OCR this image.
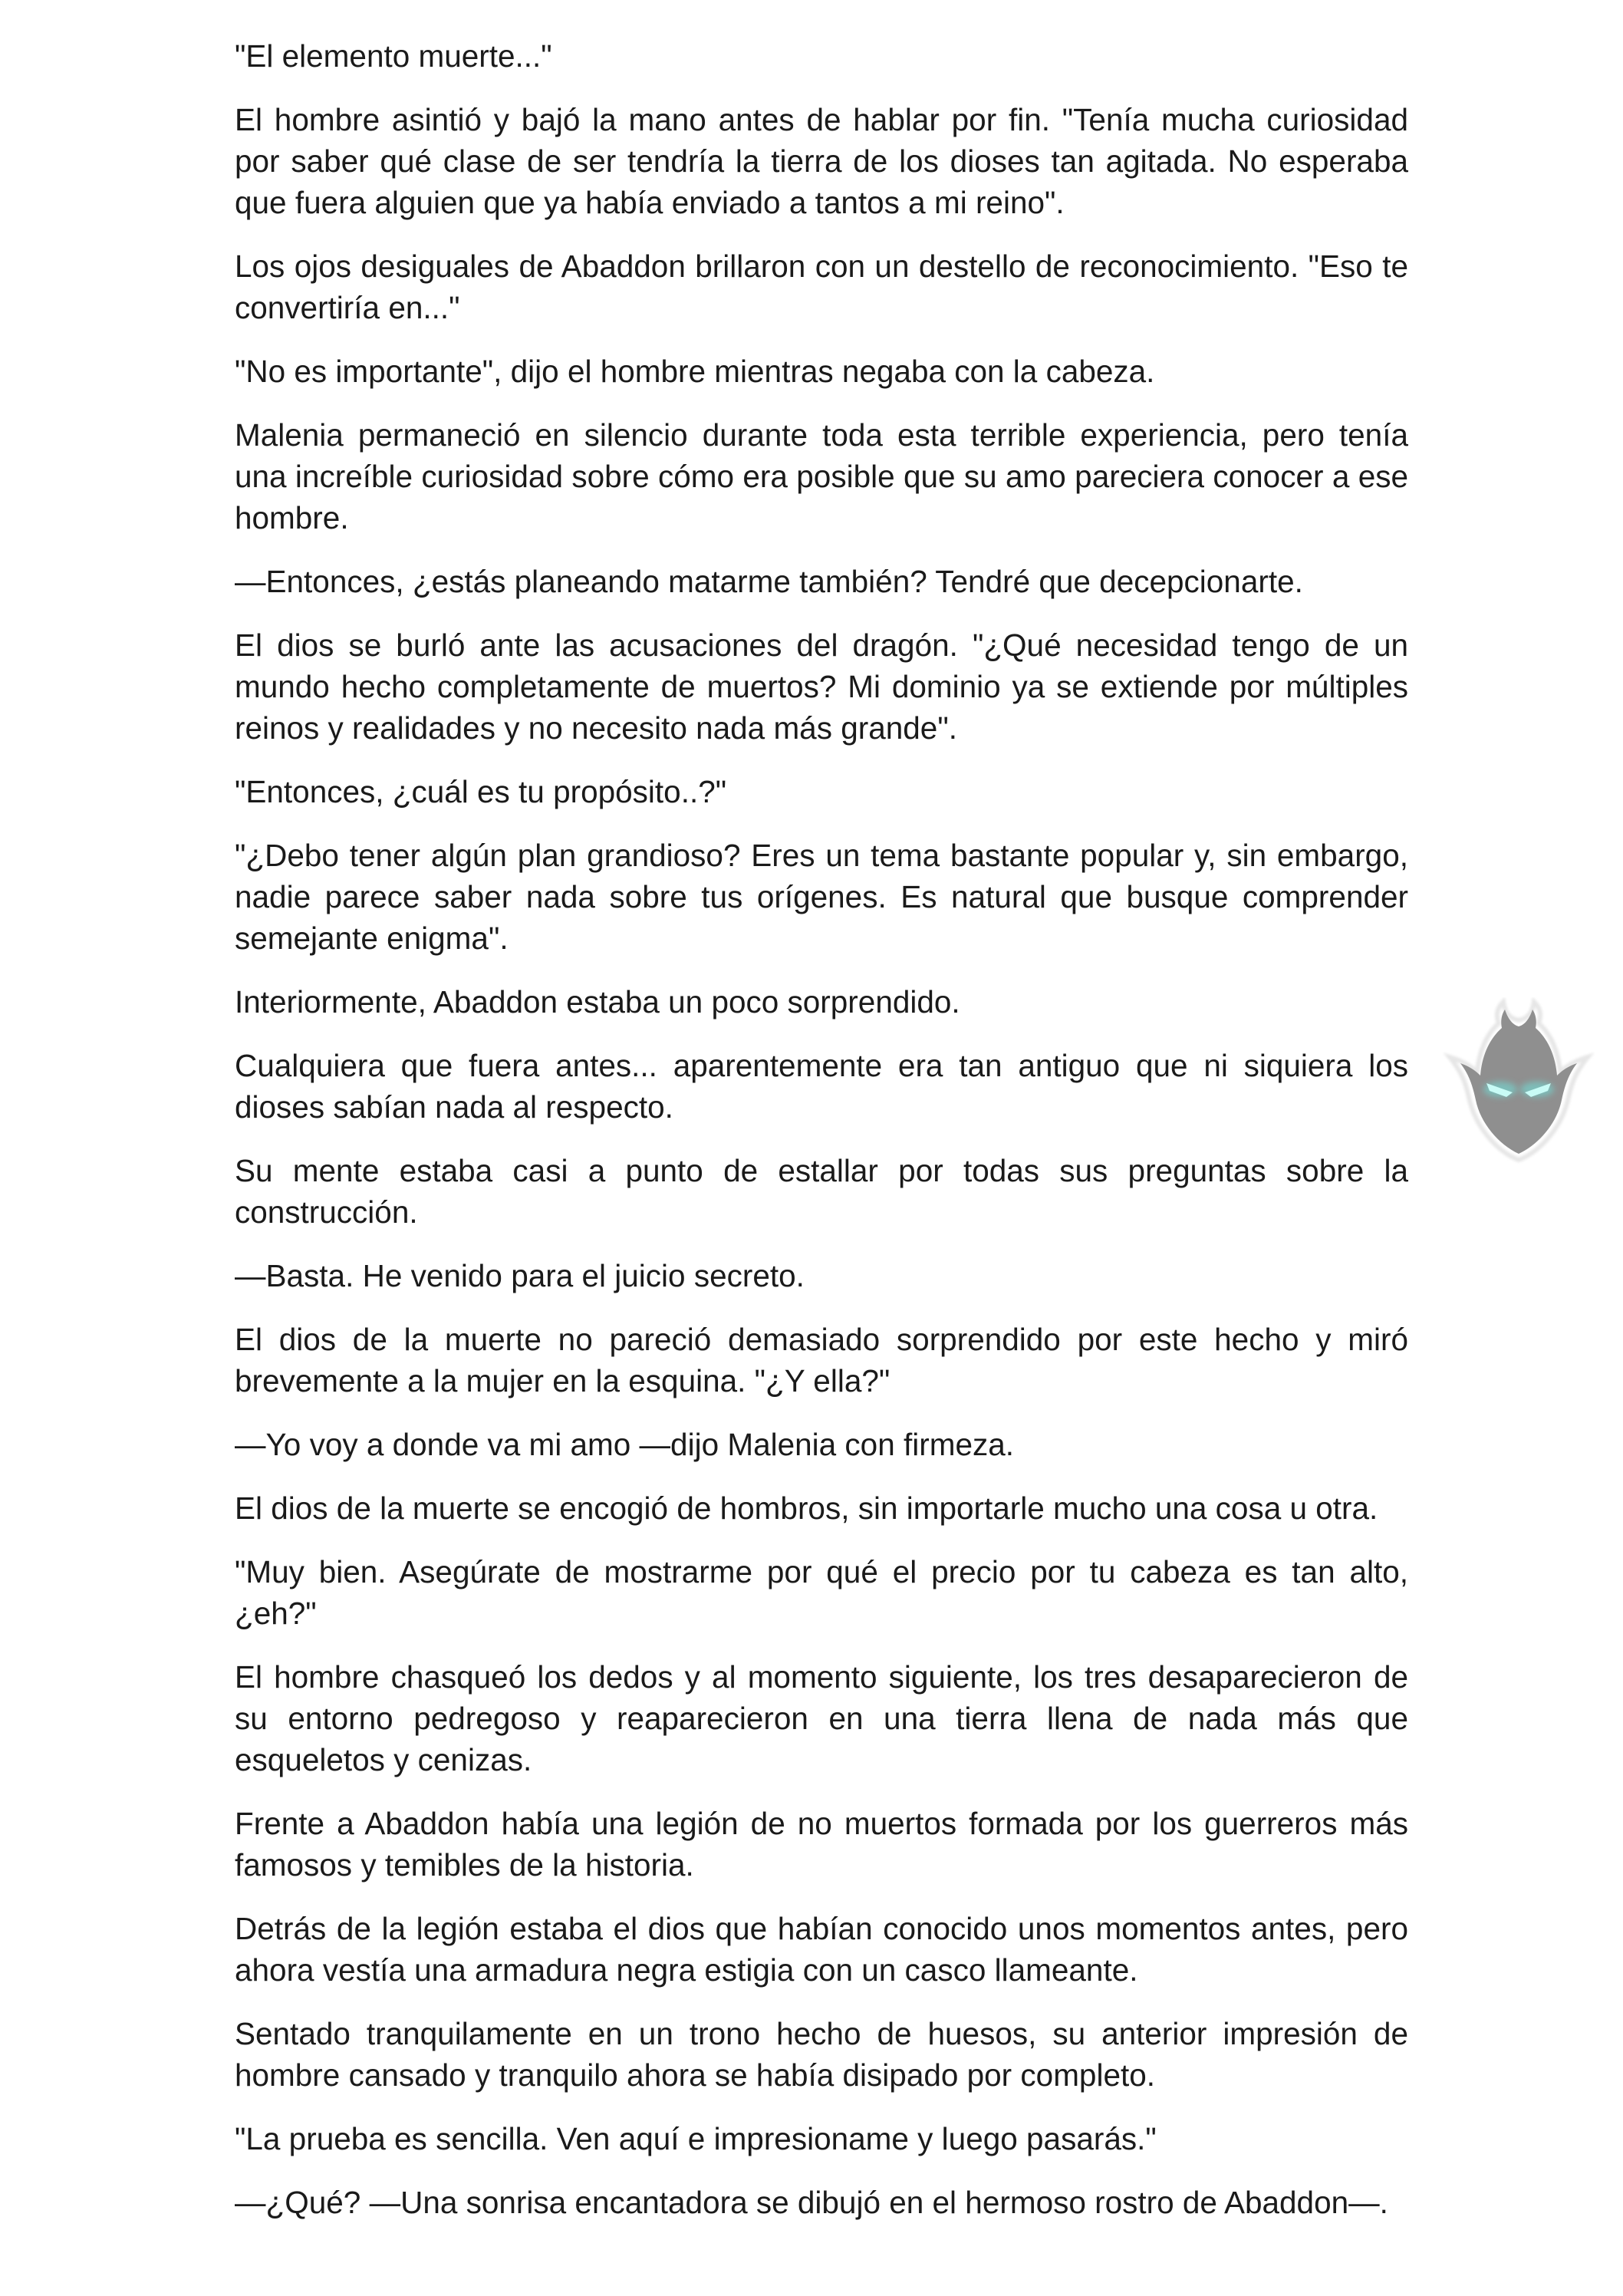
"El elemento muerte..."

El hombre asintió y bajó la mano antes de hablar por fin. "Tenía mucha curiosidad por saber qué clase de ser tendría la tierra de los dioses tan agitada. No esperaba que fuera alguien que ya había enviado a tantos a mi reino".

Los ojos desiguales de Abaddon brillaron con un destello de reconocimiento. "Eso te convertiría en..."

"No es importante", dijo el hombre mientras negaba con la cabeza.

Malenia permaneció en silencio durante toda esta terrible experiencia, pero tenía una increíble curiosidad sobre cómo era posible que su amo pareciera conocer a ese hombre.

—Entonces, ¿estás planeando matarme también? Tendré que decepcionarte.

El dios se burló ante las acusaciones del dragón. "¿Qué necesidad tengo de un mundo hecho completamente de muertos? Mi dominio ya se extiende por múltiples reinos y realidades y no necesito nada más grande".

"Entonces, ¿cuál es tu propósito..?"

"¿Debo tener algún plan grandioso? Eres un tema bastante popular y, sin embargo, nadie parece saber nada sobre tus orígenes. Es natural que busque comprender semejante enigma".

Interiormente, Abaddon estaba un poco sorprendido.

Cualquiera que fuera antes... aparentemente era tan antiguo que ni siquiera los dioses sabían nada al respecto.

Su mente estaba casi a punto de estallar por todas sus preguntas sobre la construcción.

—Basta. He venido para el juicio secreto.

El dios de la muerte no pareció demasiado sorprendido por este hecho y miró brevemente a la mujer en la esquina. "¿Y ella?"

—Yo voy a donde va mi amo —dijo Malenia con firmeza.

El dios de la muerte se encogió de hombros, sin importarle mucho una cosa u otra.

"Muy bien. Asegúrate de mostrarme por qué el precio por tu cabeza es tan alto, ¿eh?"

El hombre chasqueó los dedos y al momento siguiente, los tres desaparecieron de su entorno pedregoso y reaparecieron en una tierra llena de nada más que esqueletos y cenizas.

Frente a Abaddon había una legión de no muertos formada por los guerreros más famosos y temibles de la historia.

Detrás de la legión estaba el dios que habían conocido unos momentos antes, pero ahora vestía una armadura negra estigia con un casco llameante.

Sentado tranquilamente en un trono hecho de huesos, su anterior impresión de hombre cansado y tranquilo ahora se había disipado por completo.

"La prueba es sencilla. Ven aquí e impresioname y luego pasarás."

—¿Qué? —Una sonrisa encantadora se dibujó en el hermoso rostro de Abaddon—.
